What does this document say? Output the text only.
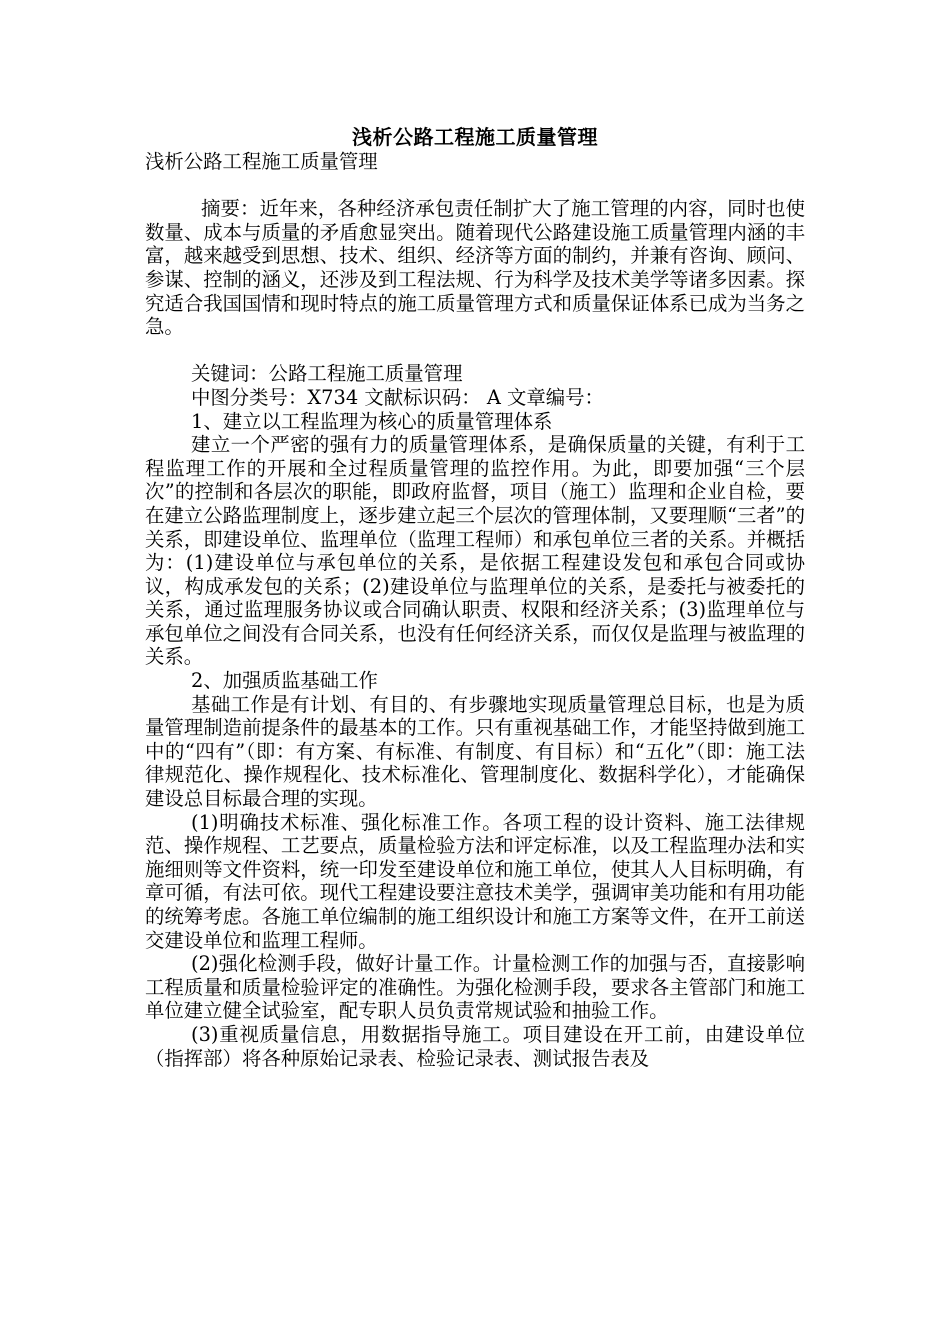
浅析公路工程施工质量管理

浅析公路工程施工质量管理

摘要：近年来，各种经济承包责任制扩大了施工管理的内容，同时也使数量、成本与质量的矛盾愈显突出。随着现代公路建设施工质量管理内涵的丰富，越来越受到思想、技术、组织、经济等方面的制约，并兼有咨询、顾问、参谋、控制的涵义，还涉及到工程法规、行为科学及技术美学等诸多因素。探究适合我国国情和现时特点的施工质量管理方式和质量保证体系已成为当务之急。

关键词：公路工程施工质量管理

中图分类号：X734 文献标识码： A 文章编号：

1、建立以工程监理为核心的质量管理体系

建立一个严密的强有力的质量管理体系，是确保质量的关键，有利于工程监理工作的开展和全过程质量管理的监控作用。为此，即要加强“三个层次”的控制和各层次的职能，即政府监督，项目（施工）监理和企业自检，要在建立公路监理制度上，逐步建立起三个层次的管理体制，又要理顺“三者”的关系，即建设单位、监理单位（监理工程师）和承包单位三者的关系。并概括为：(1)建设单位与承包单位的关系，是依据工程建设发包和承包合同或协议，构成承发包的关系；(2)建设单位与监理单位的关系，是委托与被委托的关系，通过监理服务协议或合同确认职责、权限和经济关系；(3)监理单位与承包单位之间没有合同关系，也没有任何经济关系，而仅仅是监理与被监理的关系。

2、加强质监基础工作

基础工作是有计划、有目的、有步骤地实现质量管理总目标，也是为质量管理制造前提条件的最基本的工作。只有重视基础工作，才能坚持做到施工中的“四有”（即：有方案、有标准、有制度、有目标）和“五化”（即：施工法律规范化、操作规程化、技术标准化、管理制度化、数据科学化），才能确保建设总目标最合理的实现。

(1)明确技术标准、强化标准工作。各项工程的设计资料、施工法律规范、操作规程、工艺要点，质量检验方法和评定标准，以及工程监理办法和实施细则等文件资料，统一印发至建设单位和施工单位，使其人人目标明确，有章可循，有法可依。现代工程建设要注意技术美学，强调审美功能和有用功能的统筹考虑。各施工单位编制的施工组织设计和施工方案等文件，在开工前送交建设单位和监理工程师。

(2)强化检测手段，做好计量工作。计量检测工作的加强与否，直接影响工程质量和质量检验评定的准确性。为强化检测手段，要求各主管部门和施工单位建立健全试验室，配专职人员负责常规试验和抽验工作。

(3)重视质量信息，用数据指导施工。项目建设在开工前，由建设单位（指挥部）将各种原始记录表、检验记录表、测试报告表及
